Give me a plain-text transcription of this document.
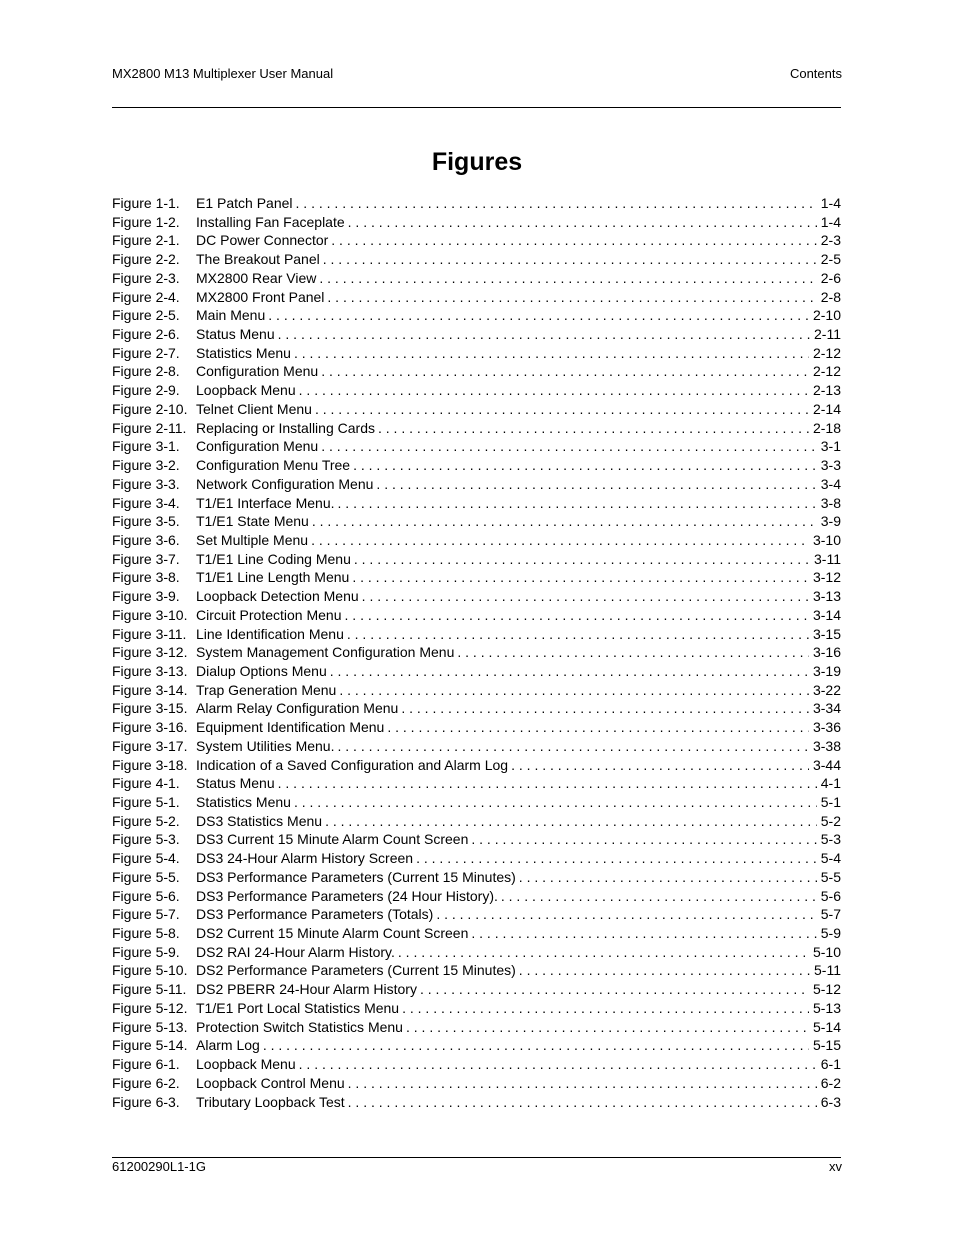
MX2800 M13 Multiplexer User Manual	Contents
Figures
Figure 1-1.	E1 Patch Panel . . .	1-4
Figure 1-2.	Installing Fan Faceplate . . .	1-4
Figure 2-1.	DC Power Connector . . .	2-3
Figure 2-2.	The Breakout Panel . . .	2-5
Figure 2-3.	MX2800 Rear View . . .	2-6
Figure 2-4.	MX2800 Front Panel . . .	2-8
Figure 2-5.	Main Menu . . .	2-10
Figure 2-6.	Status Menu . . .	2-11
Figure 2-7.	Statistics Menu . . .	2-12
Figure 2-8.	Configuration Menu . . .	2-12
Figure 2-9.	Loopback Menu . . .	2-13
Figure 2-10. Telnet Client Menu . . .	2-14
Figure 2-11. Replacing or Installing Cards . . .	2-18
Figure 3-1.	Configuration Menu . . .	3-1
Figure 3-2.	Configuration Menu Tree . . .	3-3
Figure 3-3.	Network Configuration Menu . . .	3-4
Figure 3-4.	T1/E1 Interface Menu. . . .	3-8
Figure 3-5.	T1/E1 State Menu . . .	3-9
Figure 3-6.	Set Multiple Menu . . .	3-10
Figure 3-7.	T1/E1 Line Coding Menu . . .	3-11
Figure 3-8.	T1/E1 Line Length Menu . . .	3-12
Figure 3-9.	Loopback Detection Menu . . .	3-13
Figure 3-10. Circuit Protection Menu . . .	3-14
Figure 3-11. Line Identification Menu . . .	3-15
Figure 3-12. System Management Configuration Menu . . .	3-16
Figure 3-13. Dialup Options Menu . . .	3-19
Figure 3-14. Trap Generation Menu . . .	3-22
Figure 3-15. Alarm Relay Configuration Menu . . .	3-34
Figure 3-16. Equipment Identification Menu . . .	3-36
Figure 3-17. System Utilities Menu. . . .	3-38
Figure 3-18. Indication of a Saved Configuration and Alarm Log . . .	3-44
Figure 4-1.	Status Menu . . .	4-1
Figure 5-1.	Statistics Menu . . .	5-1
Figure 5-2.	DS3 Statistics Menu . . .	5-2
Figure 5-3.	DS3 Current 15 Minute Alarm Count Screen . . .	5-3
Figure 5-4.	DS3 24-Hour Alarm History Screen . . .	5-4
Figure 5-5.	DS3 Performance Parameters (Current 15 Minutes) . . .	5-5
Figure 5-6.	DS3 Performance Parameters (24 Hour History). . . .	5-6
Figure 5-7.	DS3 Performance Parameters (Totals) . . .	5-7
Figure 5-8.	DS2 Current 15 Minute Alarm Count Screen . . .	5-9
Figure 5-9.	DS2 RAI 24-Hour Alarm History. . . .	5-10
Figure 5-10. DS2 Performance Parameters (Current 15 Minutes) . . .	5-11
Figure 5-11. DS2 PBERR 24-Hour Alarm History . . .	5-12
Figure 5-12. T1/E1 Port Local Statistics Menu . . .	5-13
Figure 5-13. Protection Switch Statistics Menu . . .	5-14
Figure 5-14. Alarm Log . . .	5-15
Figure 6-1.	Loopback Menu . . .	6-1
Figure 6-2.	Loopback Control Menu . . .	6-2
Figure 6-3.	Tributary Loopback Test . . .	6-3
61200290L1-1G	xv
